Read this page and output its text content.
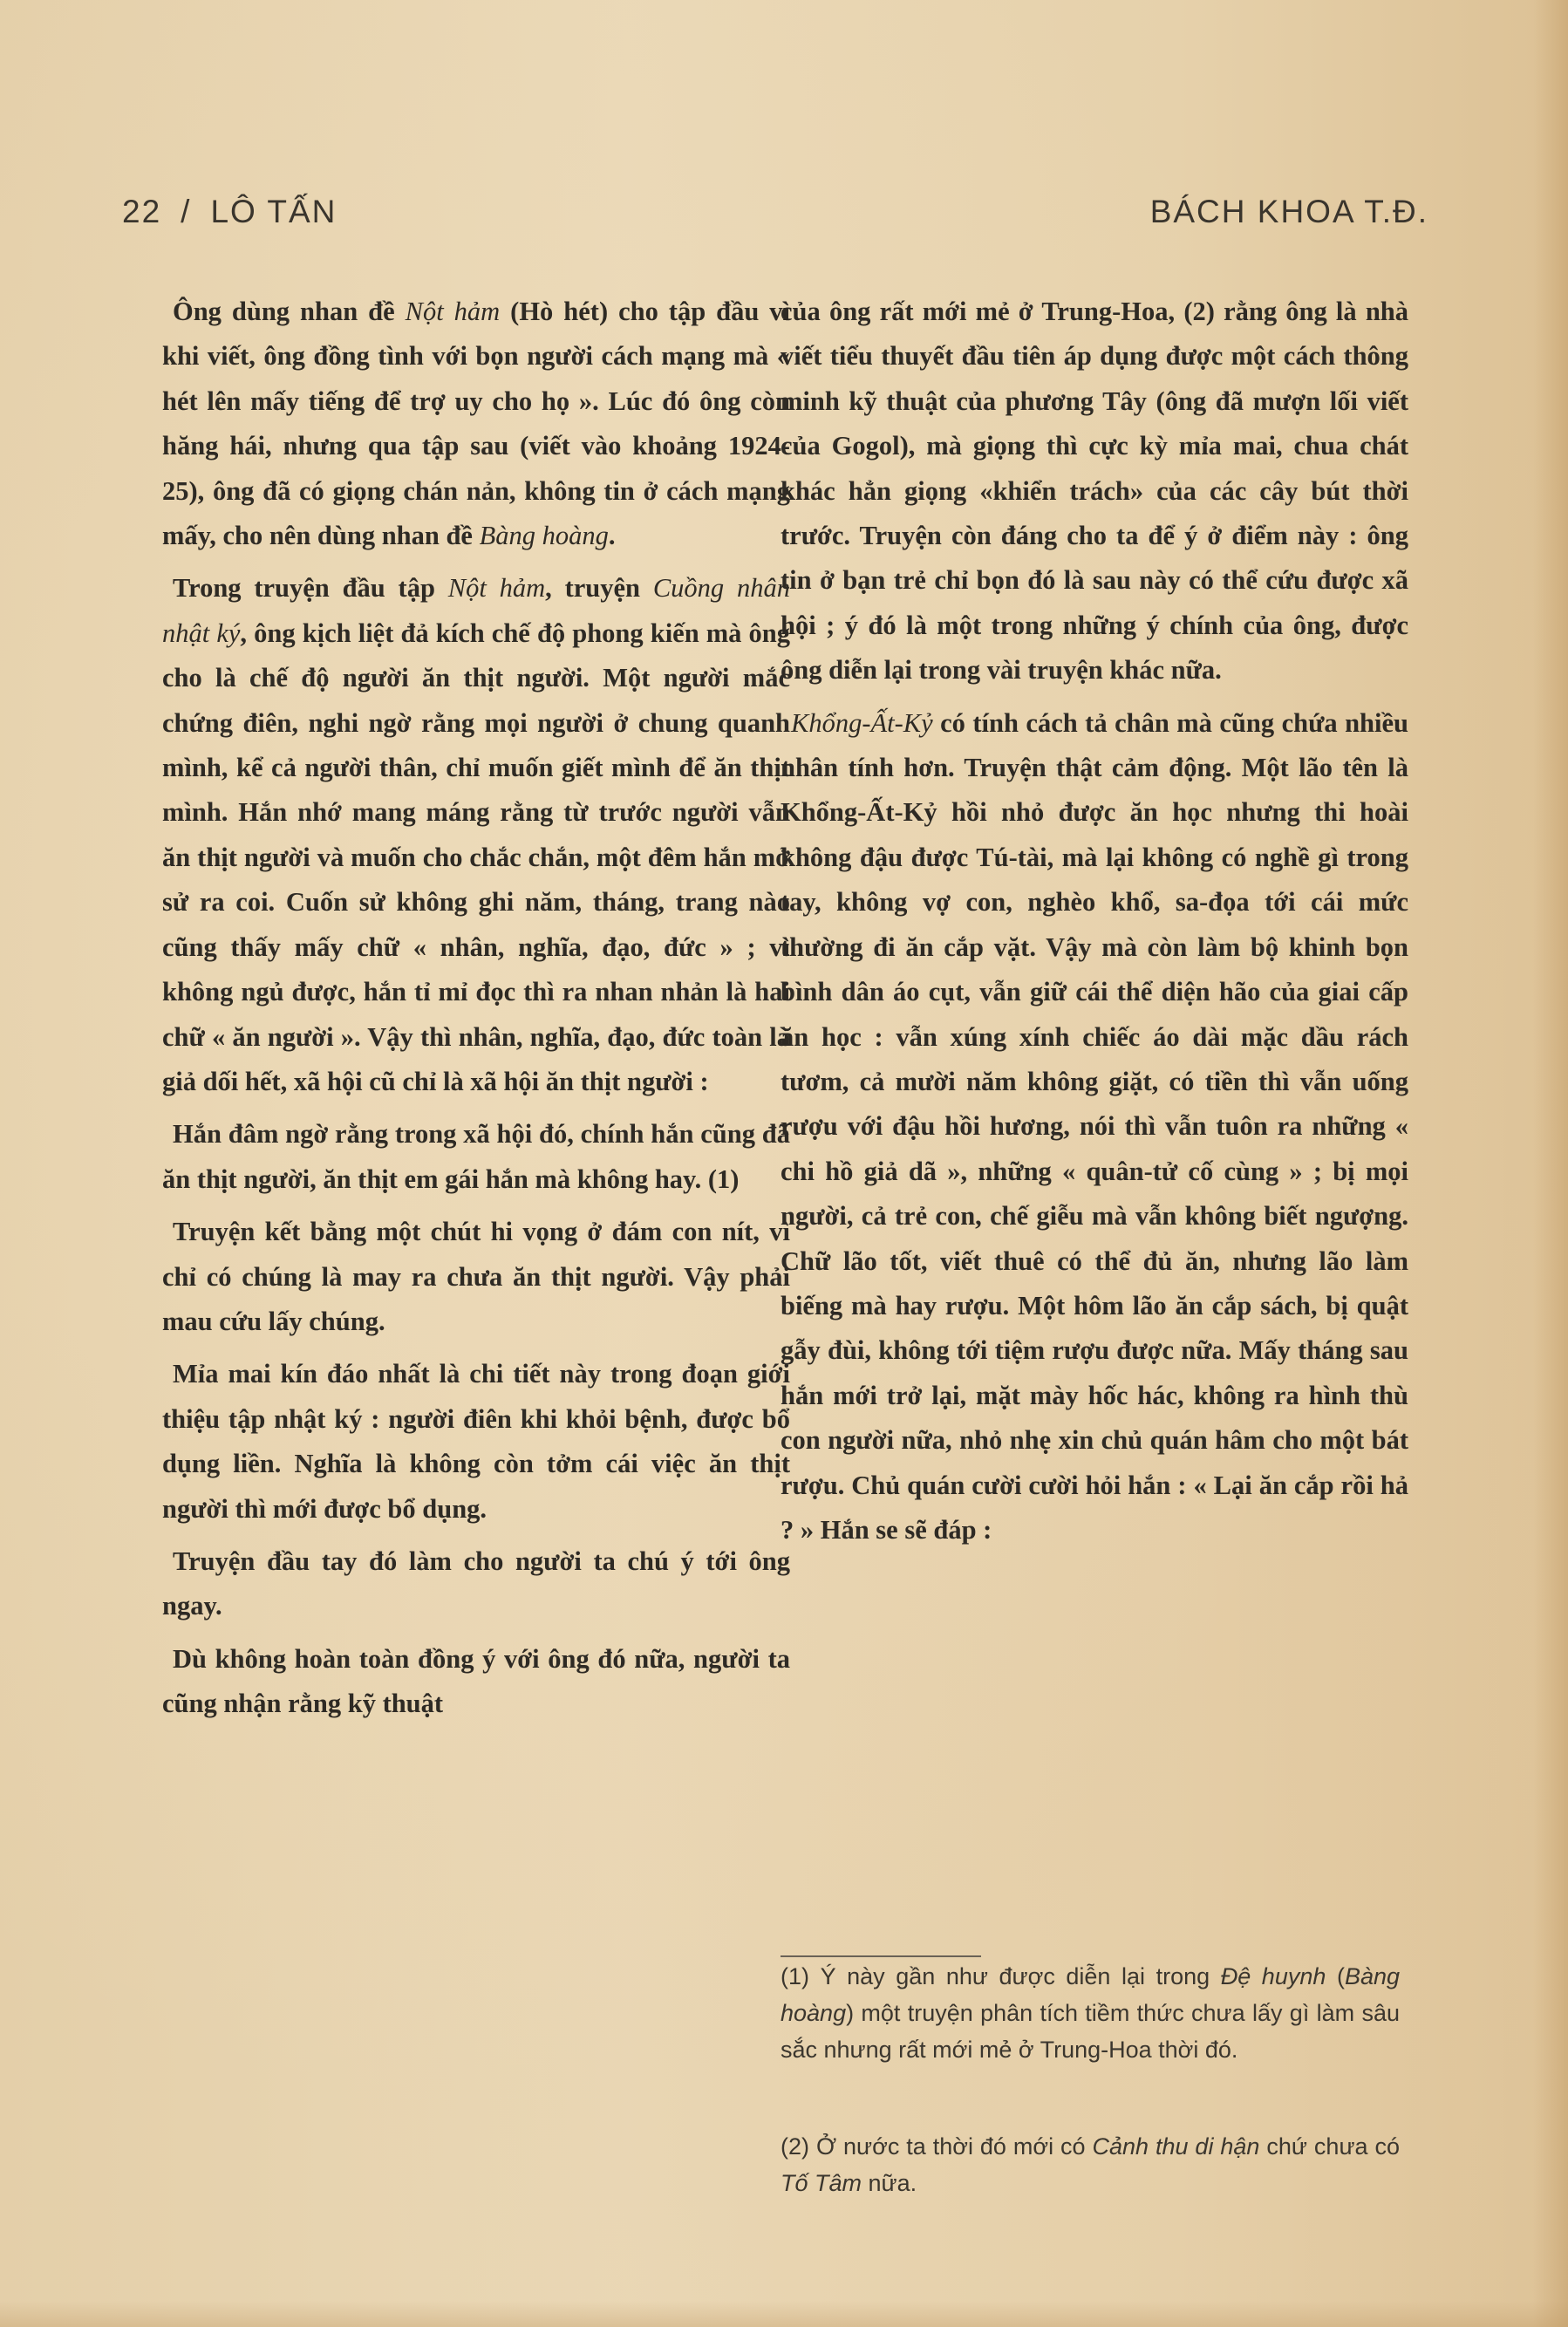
22 / LÔ TẤN	BÁCH KHOA T.Đ.

Ông dùng nhan đề Nột hảm (Hò hét) cho tập đầu vì khi viết, ông đồng tình với bọn người cách mạng mà « hét lên mấy tiếng để trợ uy cho họ ». Lúc đó ông còn hăng hái, nhưng qua tập sau (viết vào khoảng 1924-25), ông đã có giọng chán nản, không tin ở cách mạng mấy, cho nên dùng nhan đề Bàng hoàng.

Trong truyện đầu tập Nột hảm, truyện Cuồng nhân nhật ký, ông kịch liệt đả kích chế độ phong kiến mà ông cho là chế độ người ăn thịt người. Một người mắc chứng điên, nghi ngờ rằng mọi người ở chung quanh mình, kể cả người thân, chỉ muốn giết mình để ăn thịt mình. Hắn nhớ mang máng rằng từ trước người vẫn ăn thịt người và muốn cho chắc chắn, một đêm hắn mở sử ra coi. Cuốn sử không ghi năm, tháng, trang nào cũng thấy mấy chữ « nhân, nghĩa, đạo, đức » ; vì không ngủ được, hắn tỉ mỉ đọc thì ra nhan nhản là hai chữ « ăn người ». Vậy thì nhân, nghĩa, đạo, đức toàn là giả dối hết, xã hội cũ chỉ là xã hội ăn thịt người :

Hắn đâm ngờ rằng trong xã hội đó, chính hắn cũng đã ăn thịt người, ăn thịt em gái hắn mà không hay. (1)

Truyện kết bằng một chút hi vọng ở đám con nít, vì chỉ có chúng là may ra chưa ăn thịt người. Vậy phải mau cứu lấy chúng.

Mỉa mai kín đáo nhất là chi tiết này trong đoạn giới thiệu tập nhật ký : người điên khi khỏi bệnh, được bổ dụng liền. Nghĩa là không còn tởm cái việc ăn thịt người thì mới được bổ dụng.

Truyện đầu tay đó làm cho người ta chú ý tới ông ngay.

Dù không hoàn toàn đồng ý với ông đó nữa, người ta cũng nhận rằng kỹ thuật

của ông rất mới mẻ ở Trung-Hoa, (2) rằng ông là nhà viết tiểu thuyết đầu tiên áp dụng được một cách thông minh kỹ thuật của phương Tây (ông đã mượn lối viết của Gogol), mà giọng thì cực kỳ mỉa mai, chua chát khác hẳn giọng «khiển trách» của các cây bút thời trước. Truyện còn đáng cho ta để ý ở điểm này : ông tin ở bạn trẻ chỉ bọn đó là sau này có thể cứu được xã hội ; ý đó là một trong những ý chính của ông, được ông diễn lại trong vài truyện khác nữa.

Khổng-Ất-Kỷ có tính cách tả chân mà cũng chứa nhiều nhân tính hơn. Truyện thật cảm động. Một lão tên là Khổng-Ất-Kỷ hồi nhỏ được ăn học nhưng thi hoài không đậu được Tú-tài, mà lại không có nghề gì trong tay, không vợ con, nghèo khổ, sa-đọa tới cái mức thường đi ăn cắp vặt. Vậy mà còn làm bộ khinh bọn bình dân áo cụt, vẫn giữ cái thể diện hão của giai cấp ăn học : vẫn xúng xính chiếc áo dài mặc dầu rách tươm, cả mười năm không giặt, có tiền thì vẫn uống rượu với đậu hồi hương, nói thì vẫn tuôn ra những « chi hồ giả dã », những « quân-tử cố cùng » ; bị mọi người, cả trẻ con, chế giễu mà vẫn không biết ngượng. Chữ lão tốt, viết thuê có thể đủ ăn, nhưng lão làm biếng mà hay rượu. Một hôm lão ăn cắp sách, bị quật gẫy đùi, không tới tiệm rượu được nữa. Mấy tháng sau hắn mới trở lại, mặt mày hốc hác, không ra hình thù con người nữa, nhỏ nhẹ xin chủ quán hâm cho một bát rượu. Chủ quán cười cười hỏi hắn : « Lại ăn cắp rồi hả ? » Hắn se sẽ đáp :

(1) Ý này gần như được diễn lại trong Đệ huynh (Bàng hoàng) một truyện phân tích tiềm thức chưa lấy gì làm sâu sắc nhưng rất mới mẻ ở Trung-Hoa thời đó.
(2) Ở nước ta thời đó mới có Cảnh thu di hận chứ chưa có Tố Tâm nữa.
